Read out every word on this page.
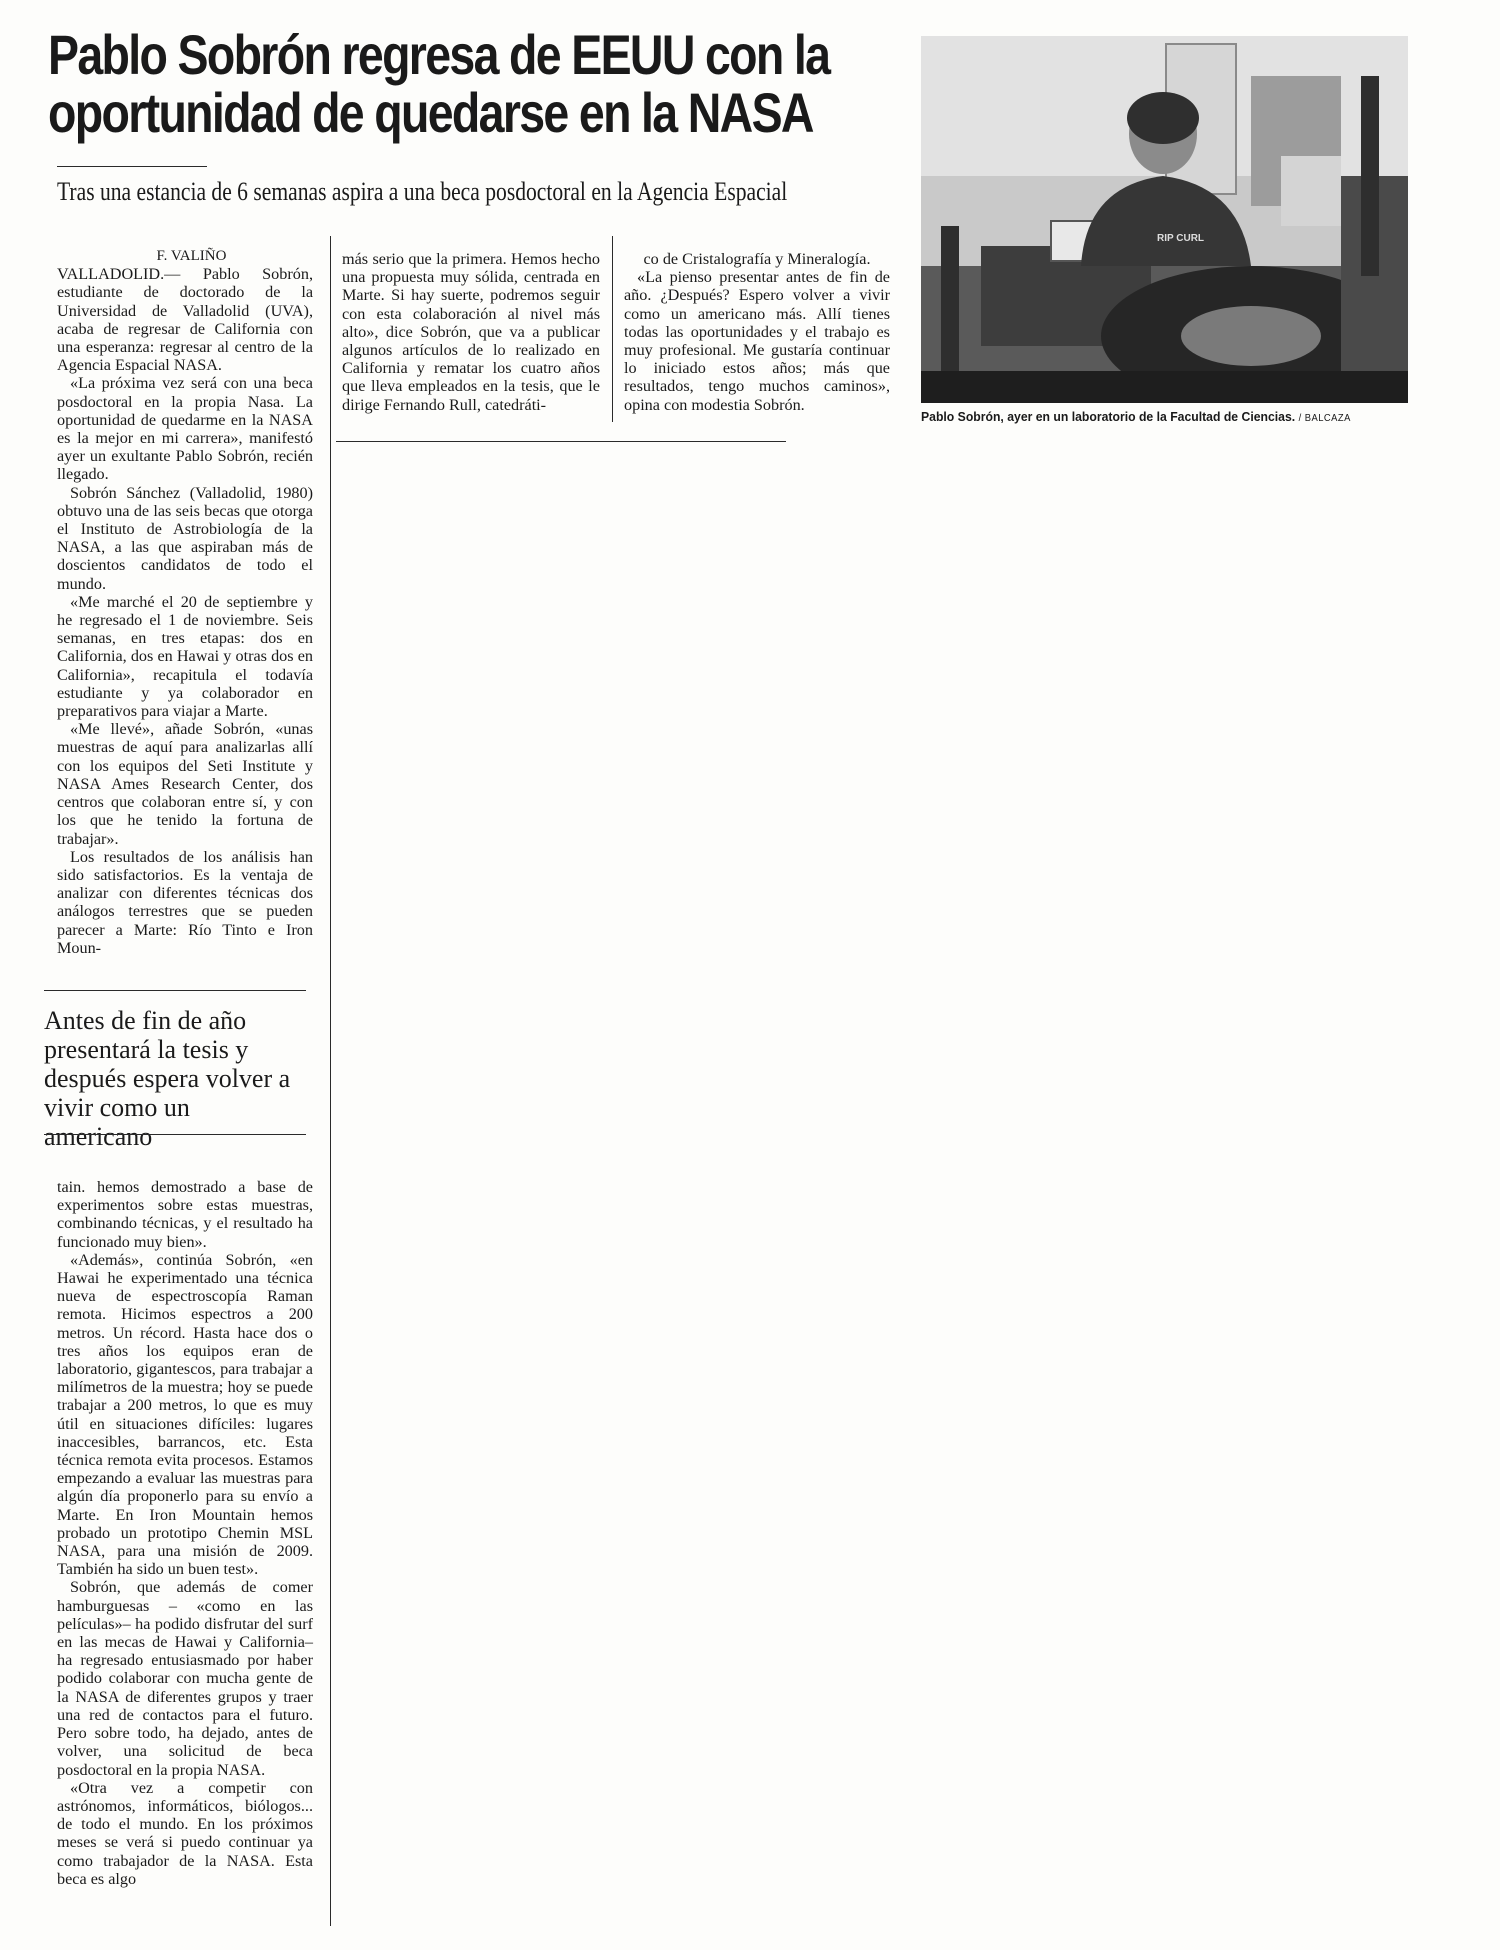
Pablo Sobrón regresa de EEUU con la
oportunidad de quedarse en la NASA
Tras una estancia de 6 semanas aspira a una beca posdoctoral en la Agencia Espacial

F. VALIÑO

VALLADOLID.— Pablo Sobrón, estudiante de doctorado de la Universidad de Valladolid (UVA), acaba de regresar de California con una esperanza: regresar al centro de la Agencia Espacial NASA.

«La próxima vez será con una beca posdoctoral en la propia Nasa. La oportunidad de quedarme en la NASA es la mejor en mi carrera», manifestó ayer un exultante Pablo Sobrón, recién llegado.

Sobrón Sánchez (Valladolid, 1980) obtuvo una de las seis becas que otorga el Instituto de Astrobiología de la NASA, a las que aspiraban más de doscientos candidatos de todo el mundo.

«Me marché el 20 de septiembre y he regresado el 1 de noviembre. Seis semanas, en tres etapas: dos en California, dos en Hawai y otras dos en California», recapitula el todavía estudiante y ya colaborador en preparativos para viajar a Marte.

«Me llevé», añade Sobrón, «unas muestras de aquí para analizarlas allí con los equipos del Seti Institute y NASA Ames Research Center, dos centros que colaboran entre sí, y con los que he tenido la fortuna de trabajar».

Los resultados de los análisis han sido satisfactorios. Es la ventaja de analizar con diferentes técnicas dos análogos terrestres que se pueden parecer a Marte: Río Tinto e Iron Moun-

Antes de fin de año presentará la tesis y después espera volver a vivir como un americano

tain. hemos demostrado a base de experimentos sobre estas muestras, combinando técnicas, y el resultado ha funcionado muy bien».

«Además», continúa Sobrón, «en Hawai he experimentado una técnica nueva de espectroscopía Raman remota. Hicimos espectros a 200 metros. Un récord. Hasta hace dos o tres años los equipos eran de laboratorio, gigantescos, para trabajar a milímetros de la muestra; hoy se puede trabajar a 200 metros, lo que es muy útil en situaciones difíciles: lugares inaccesibles, barrancos, etc. Esta técnica remota evita procesos. Estamos empezando a evaluar las muestras para algún día proponerlo para su envío a Marte. En Iron Mountain hemos probado un prototipo Chemin MSL NASA, para una misión de 2009. También ha sido un buen test».

Sobrón, que además de comer hamburguesas – «como en las películas»– ha podido disfrutar del surf en las mecas de Hawai y California– ha regresado entusiasmado por haber podido colaborar con mucha gente de la NASA de diferentes grupos y traer una red de contactos para el futuro. Pero sobre todo, ha dejado, antes de volver, una solicitud de beca posdoctoral en la propia NASA.

«Otra vez a competir con astrónomos, informáticos, biólogos... de todo el mundo. En los próximos meses se verá si puedo continuar ya como trabajador de la NASA. Esta beca es algo

más serio que la primera. Hemos hecho una propuesta muy sólida, centrada en Marte. Si hay suerte, podremos seguir con esta colaboración al nivel más alto», dice Sobrón, que va a publicar algunos artículos de lo realizado en California y rematar los cuatro años que lleva empleados en la tesis, que le dirige Fernando Rull, catedráti-

co de Cristalografía y Mineralogía.

«La pienso presentar antes de fin de año. ¿Después? Espero volver a vivir como un americano más. Allí tienes todas las oportunidades y el trabajo es muy profesional. Me gustaría continuar lo iniciado estos años; más que resultados, tengo muchos caminos», opina con modestia Sobrón.

RIP CURL

Pablo Sobrón, ayer en un laboratorio de la Facultad de Ciencias. / BALCAZA
